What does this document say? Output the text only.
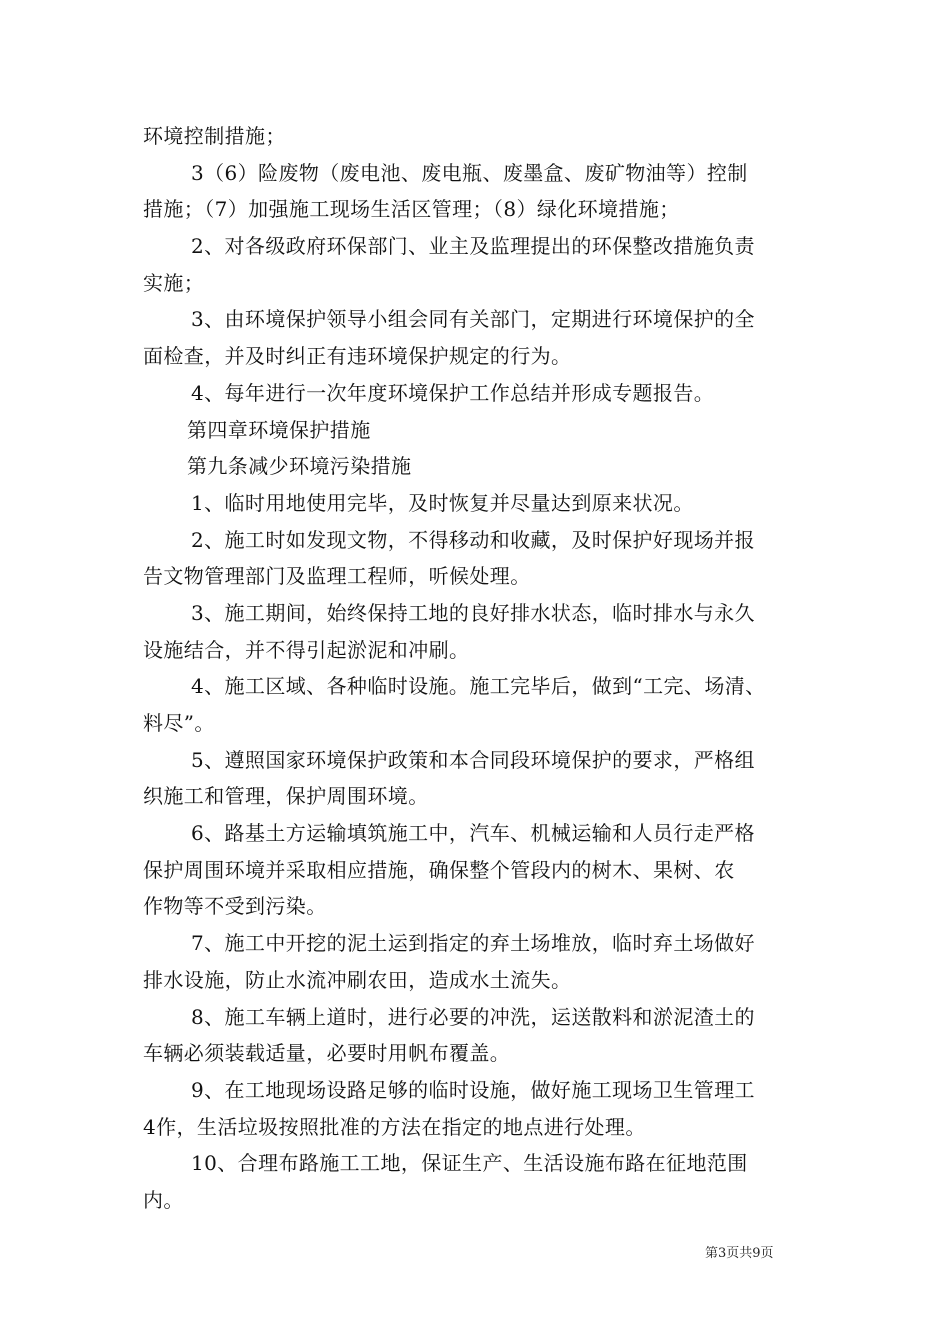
环境控制措施；
3（6）险废物（废电池、废电瓶、废墨盒、废矿物油等）控制
措施；（7）加强施工现场生活区管理；（8）绿化环境措施；
2、对各级政府环保部门、业主及监理提出的环保整改措施负责
实施；
3、由环境保护领导小组会同有关部门，定期进行环境保护的全
面检查，并及时纠正有违环境保护规定的行为。
4、每年进行一次年度环境保护工作总结并形成专题报告。
第四章环境保护措施
第九条减少环境污染措施
1、临时用地使用完毕，及时恢复并尽量达到原来状况。
2、施工时如发现文物，不得移动和收藏，及时保护好现场并报
告文物管理部门及监理工程师，听候处理。
3、施工期间，始终保持工地的良好排水状态，临时排水与永久
设施结合，并不得引起淤泥和冲刷。
4、施工区域、各种临时设施。施工完毕后，做到“工完、场清、
料尽”。
5、遵照国家环境保护政策和本合同段环境保护的要求，严格组
织施工和管理，保护周围环境。
6、路基土方运输填筑施工中，汽车、机械运输和人员行走严格
保护周围环境并采取相应措施，确保整个管段内的树木、果树、农
作物等不受到污染。
7、施工中开挖的泥土运到指定的弃土场堆放，临时弃土场做好
排水设施，防止水流冲刷农田，造成水土流失。
8、施工车辆上道时，进行必要的冲洗，运送散料和淤泥渣土的
车辆必须装载适量，必要时用帆布覆盖。
9、在工地现场设路足够的临时设施，做好施工现场卫生管理工
4作，生活垃圾按照批准的方法在指定的地点进行处理。
10、合理布路施工工地，保证生产、生活设施布路在征地范围
内。
第3页共9页
